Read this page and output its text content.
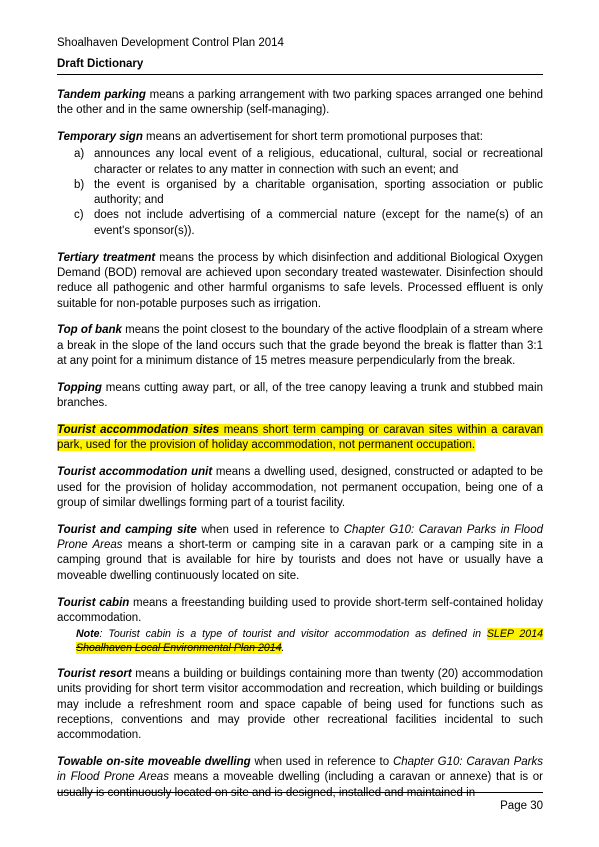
Shoalhaven Development Control Plan 2014
Draft Dictionary

Tandem parking means a parking arrangement with two parking spaces arranged one behind the other and in the same ownership (self-managing).

Temporary sign means an advertisement for short term promotional purposes that:

a) announces any local event of a religious, educational, cultural, social or recreational character or relates to any matter in connection with such an event; and
b) the event is organised by a charitable organisation, sporting association or public authority; and
c) does not include advertising of a commercial nature (except for the name(s) of an event's sponsor(s)).

Tertiary treatment means the process by which disinfection and additional Biological Oxygen Demand (BOD) removal are achieved upon secondary treated wastewater. Disinfection should reduce all pathogenic and other harmful organisms to safe levels. Processed effluent is only suitable for non-potable purposes such as irrigation.

Top of bank means the point closest to the boundary of the active floodplain of a stream where a break in the slope of the land occurs such that the grade beyond the break is flatter than 3:1 at any point for a minimum distance of 15 metres measure perpendicularly from the break.

Topping means cutting away part, or all, of the tree canopy leaving a trunk and stubbed main branches.

Tourist accommodation sites means short term camping or caravan sites within a caravan park, used for the provision of holiday accommodation, not permanent occupation.

Tourist accommodation unit means a dwelling used, designed, constructed or adapted to be used for the provision of holiday accommodation, not permanent occupation, being one of a group of similar dwellings forming part of a tourist facility.

Tourist and camping site when used in reference to Chapter G10: Caravan Parks in Flood Prone Areas means a short-term or camping site in a caravan park or a camping site in a camping ground that is available for hire by tourists and does not have or usually have a moveable dwelling continuously located on site.

Tourist cabin means a freestanding building used to provide short-term self-contained holiday accommodation.

Note: Tourist cabin is a type of tourist and visitor accommodation as defined in SLEP 2014 Shoalhaven Local Environmental Plan 2014.

Tourist resort means a building or buildings containing more than twenty (20) accommodation units providing for short term visitor accommodation and recreation, which building or buildings may include a refreshment room and space capable of being used for functions such as receptions, conventions and may provide other recreational facilities incidental to such accommodation.

Towable on-site moveable dwelling when used in reference to Chapter G10: Caravan Parks in Flood Prone Areas means a moveable dwelling (including a caravan or annexe) that is or usually is continuously located on site and is designed, installed and maintained in

Page 30
